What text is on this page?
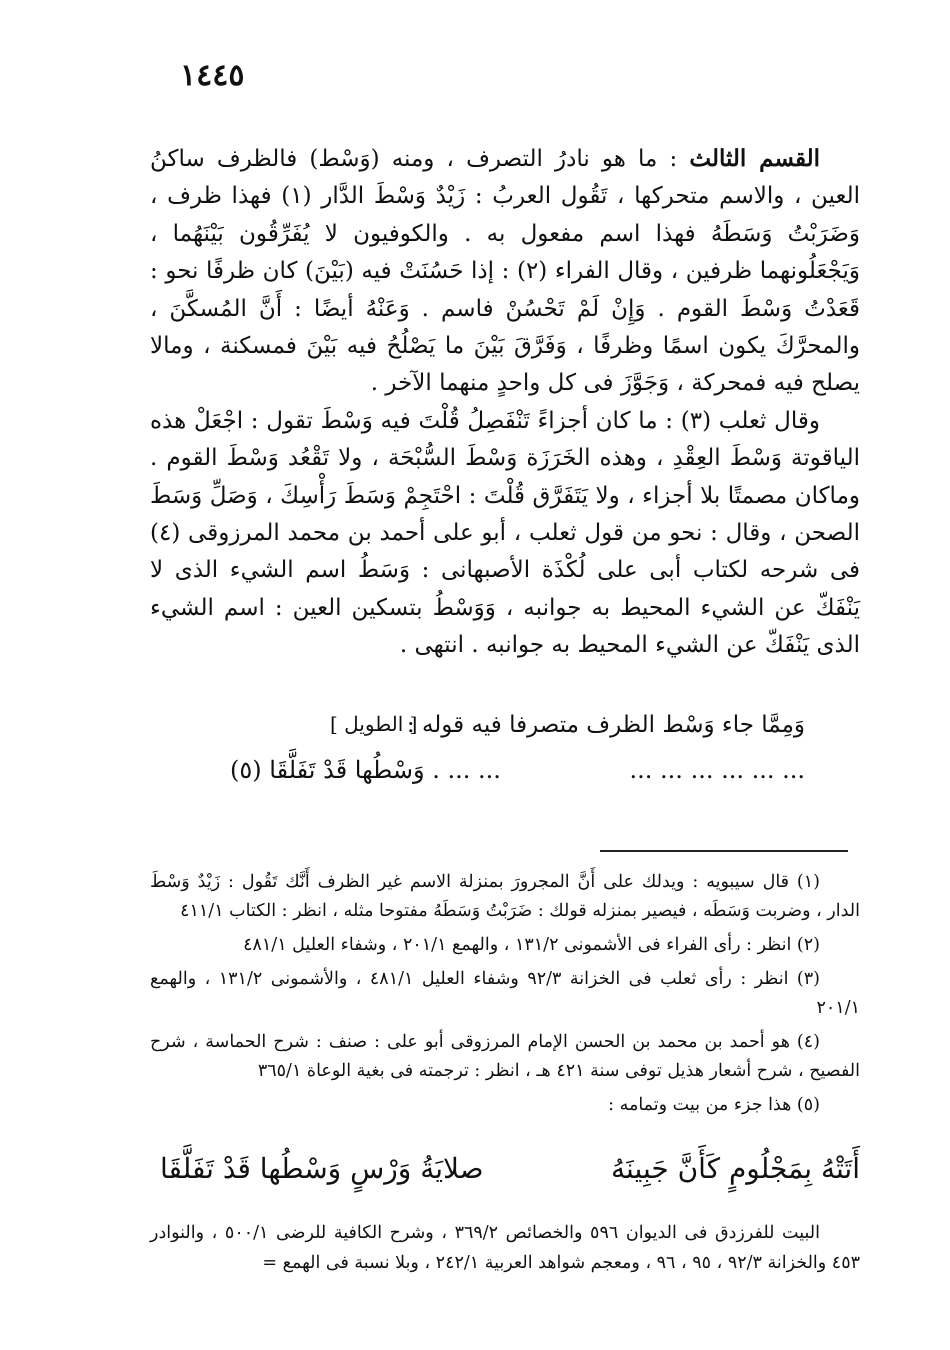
١٤٤٥

القسم الثالث : ما هو نادرُ التصرف ، ومنه (وَسْط) فالظرف ساكنُ العين ، والاسم متحركها ، تَقُول العربُ : زَيْدٌ وَسْطَ الدَّار (١) فهذا ظرف ، وَضَرَبْتُ وَسَطَهُ فهذا اسم مفعول به . والكوفيون لا يُفَرِّقُون بَيْنَهُما ، وَيَجْعَلُونهما ظرفين ، وقال الفراء (٢) : إذا حَسُنَتْ فيه (بَيْنَ) كان ظرفًا نحو : قَعَدْتُ وَسْطَ القوم . وَإِنْ لَمْ تَحْسُنْ فاسم . وَعَنْهُ أيضًا : أَنَّ المُسكَّنَ ، والمحرَّكَ يكون اسمًا وظرفًا ، وَفَرَّقَ بَيْنَ ما يَصْلُحُ فيه بَيْنَ فمسكنة ، ومالا يصلح فيه فمحركة ، وَجَوَّزَ فى كل واحدٍ منهما الآخر .

وقال ثعلب (٣) : ما كان أجزاءً تَنْفَصِلُ قُلْتَ فيه وَسْطَ تقول : اجْعَلْ هذه الياقوتة وَسْطَ العِقْدِ ، وهذه الخَرَزَة وَسْطَ السُّبْحَة ، ولا تَقْعُد وَسْطَ القوم . وماكان مصمتًا بلا أجزاء ، ولا يَتَفَرَّق قُلْتَ : احْتَجِمْ وَسَطَ رَأْسِكَ ، وَصَلِّ وَسَطَ الصحن ، وقال : نحو من قول ثعلب ، أبو على أحمد بن محمد المرزوقى (٤) فى شرحه لكتاب أبى على لُكْذَة الأصبهانى : وَسَطُ اسم الشيء الذى لا يَنْفَكّ عن الشيء المحيط به جوانبه ، وَوَسْطُ بتسكين العين : اسم الشيء الذى يَنْفَكّ عن الشيء المحيط به جوانبه . انتهى .

وَمِمَّا جاء وَسْط الظرف متصرفا فيه قوله :
[ الطويل ]
... ... ... ... ... ...
... ... . وَسْطُها قَدْ تَفَلَّقَا (٥)

(١) قال سيبويه : ويدلك على أَنَّ المجرورَ بمنزلة الاسم غير الظرف أَنَّك تَقُول : زَيْدٌ وَسْطَ الدار ، وضربت وَسَطَه ، فيصير بمنزله قولك : ضَرَبْتُ وَسَطَهُ مفتوحا مثله ، انظر : الكتاب ٤١١/١

(٢) انظر : رأى الفراء فى الأشمونى ١٣١/٢ ، والهمع ٢٠١/١ ، وشفاء العليل ٤٨١/١

(٣) انظر : رأى ثعلب فى الخزانة ٩٢/٣ وشفاء العليل ٤٨١/١ ، والأشمونى ١٣١/٢ ، والهمع ٢٠١/١

(٤) هو أحمد بن محمد بن الحسن الإمام المرزوقى أبو على : صنف : شرح الحماسة ، شرح الفصيح ، شرح أشعار هذيل توفى سنة ٤٢١ هـ ، انظر : ترجمته فى بغية الوعاة ٣٦٥/١

(٥) هذا جزء من بيت وتمامه :

أَتَتْهُ بِمَجْلُومٍ كَأَنَّ جَبِينَهُ
صلايَةُ وَرْسٍ وَسْطُها قَدْ تَفَلَّقَا

البيت للفرزدق فى الديوان ٥٩٦ والخصائص ٣٦٩/٢ ، وشرح الكافية للرضى ٥٠٠/١ ، والنوادر ٤٥٣ والخزانة ٩٢/٣ ، ٩٥ ، ٩٦ ، ومعجم شواهد العربية ٢٤٢/١ ، وبلا نسبة فى الهمع =
